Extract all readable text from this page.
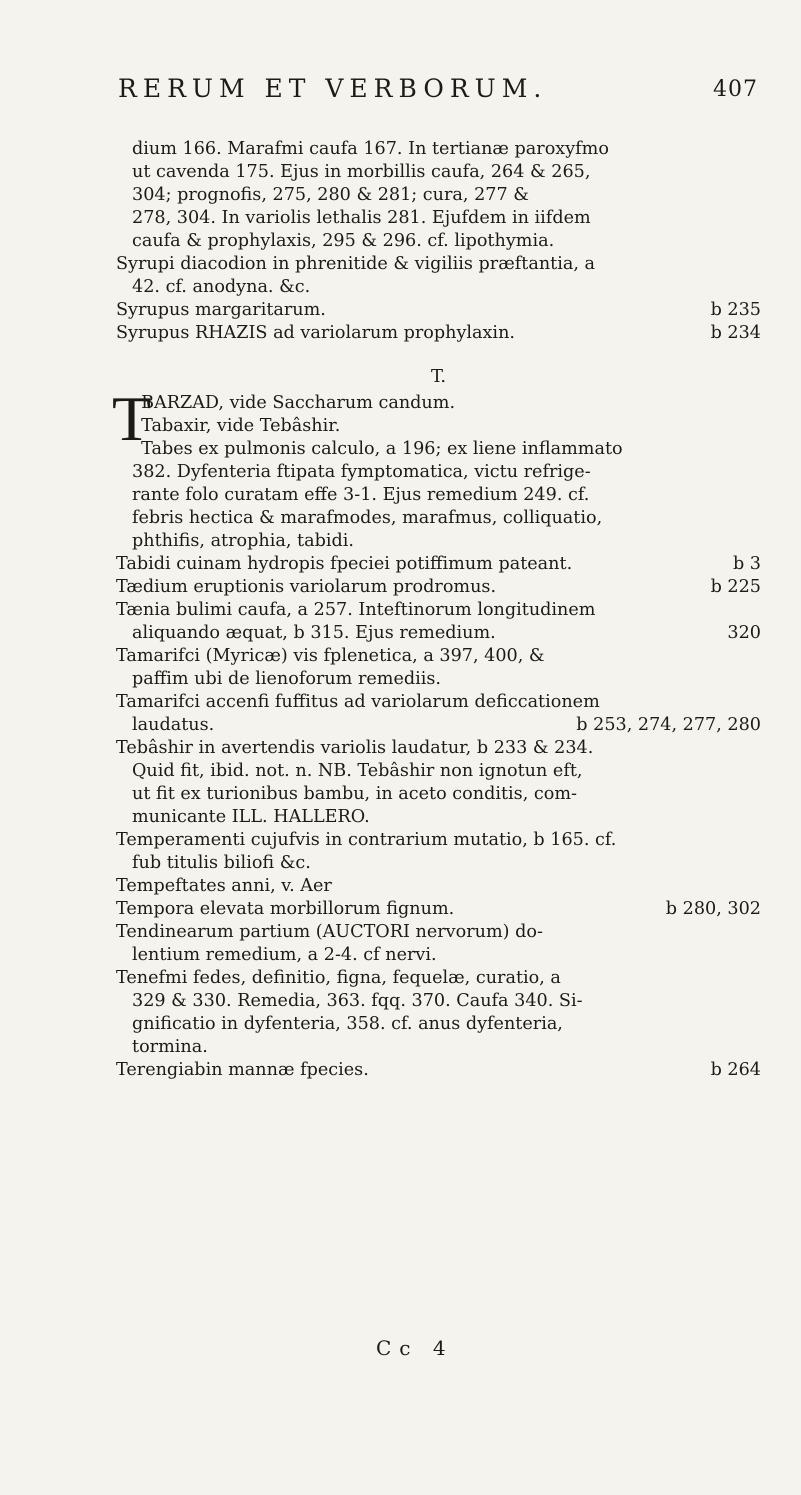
RERUM ET VERBORUM.	407
dium 166. Marafmi caufa 167. In tertianæ paroxyfmo
ut cavenda 175. Ejus in morbillis caufa, 264 & 265,
304; prognofis, 275, 280 & 281; cura, 277 &
278, 304. In variolis lethalis 281. Ejufdem in iifdem
caufa & prophylaxis, 295 & 296. cf. lipothymia.
Syrupi diacodion in phrenitide & vigiliis præftantia, a
42. cf. anodyna. &c.
Syrupus margaritarum.	b 235
Syrupus RHAZIS ad variolarum prophylaxin.	b 234
T.
T
BARZAD, vide Saccharum candum.
Tabaxir, vide Tebâshir.
Tabes ex pulmonis calculo, a 196; ex liene inflammato
382. Dyfenteria ftipata fymptomatica, victu refrige-
rante folo curatam effe 3-1. Ejus remedium 249. cf.
febris hectica & marafmodes, marafmus, colliquatio,
phthifis, atrophia, tabidi.
Tabidi cuinam hydropis fpeciei potiffimum pateant.	b 3
Tædium eruptionis variolarum prodromus.	b 225
Tænia bulimi caufa, a 257. Inteftinorum longitudinem
aliquando æquat, b 315. Ejus remedium.	320
Tamarifci (Myricæ) vis fplenetica, a 397, 400, &
paffim ubi de lienoforum remediis.
Tamarifci accenfi fuffitus ad variolarum deficcationem
laudatus.	b 253, 274, 277, 280
Tebâshir in avertendis variolis laudatur, b 233 & 234.
Quid fit, ibid. not. n. NB. Tebâshir non ignotun eft,
ut fit ex turionibus bambu, in aceto conditis, com-
municante ILL. HALLERO.
Temperamenti cujufvis in contrarium mutatio, b 165. cf.
fub titulis biliofi &c.
Tempeftates anni, v. Aer
Tempora elevata morbillorum fignum.	b 280, 302
Tendinearum partium (AUCTORI nervorum) do-
lentium remedium, a 2-4. cf nervi.
Tenefmi fedes, definitio, figna, fequelæ, curatio, a
329 & 330. Remedia, 363. fqq. 370. Caufa 340. Si-
gnificatio in dyfenteria, 358. cf. anus dyfenteria,
tormina.
Terengiabin mannæ fpecies.	b 264
Cc 4
